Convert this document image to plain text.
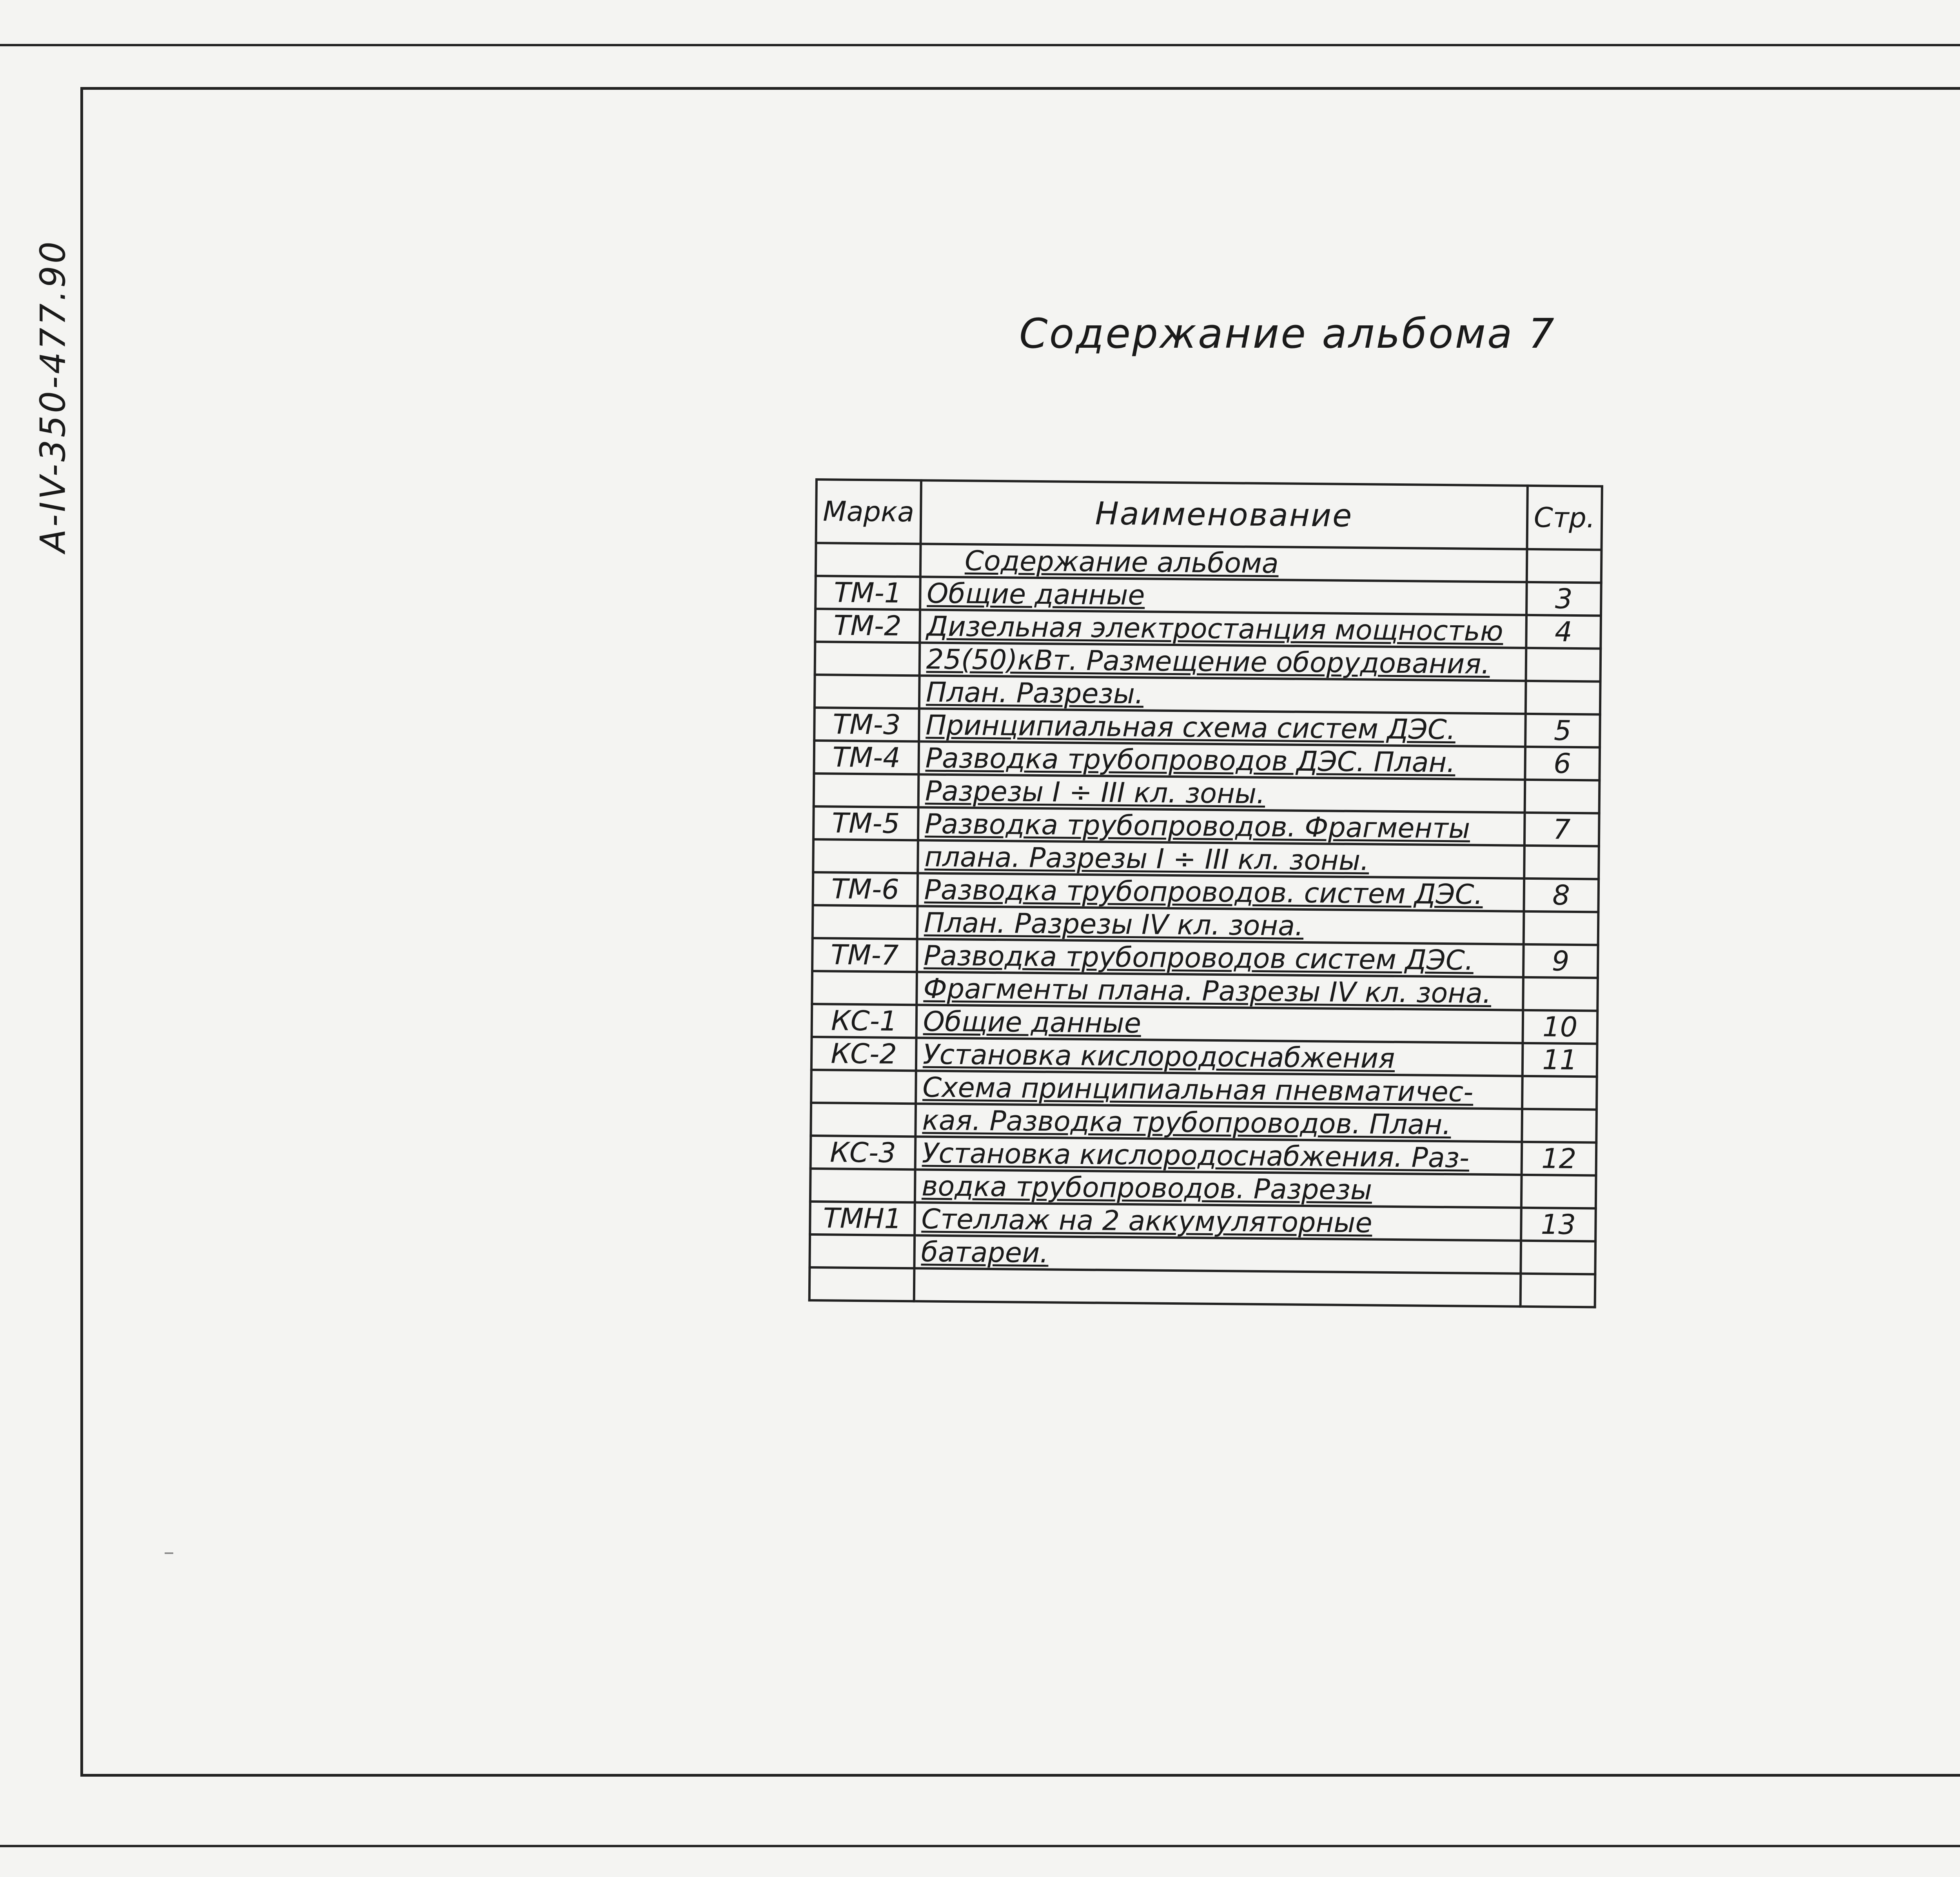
А-IV-350-477.90	Содержание альбома 7
Марка	Наименование	Стр.
	Содержание альбома	
ТМ-1	Общие данные	3
ТМ-2	Дизельная электростанция мощностью	4
	25(50)кВт. Размещение оборудования.	
	План. Разрезы.	
ТМ-3	Принципиальная схема систем ДЭС.	5
ТМ-4	Разводка трубопроводов ДЭС. План.	6
	Разрезы I ÷ III кл. зоны.	
ТМ-5	Разводка трубопроводов. Фрагменты	7
	плана. Разрезы I ÷ III кл. зоны.	
ТМ-6	Разводка трубопроводов. систем ДЭС.	8
	План. Разрезы IV кл. зона.	
ТМ-7	Разводка трубопроводов систем ДЭС.	9
	Фрагменты плана. Разрезы IV кл. зона.	
КС-1	Общие данные	10
КС-2	Установка кислородоснабжения	11
	Схема принципиальная пневматичес-	
	кая. Разводка трубопроводов. План.	
КС-3	Установка кислородоснабжения. Раз-	12
	водка трубопроводов. Разрезы	
ТМН1	Стеллаж на 2 аккумуляторные	13
	батареи.	
